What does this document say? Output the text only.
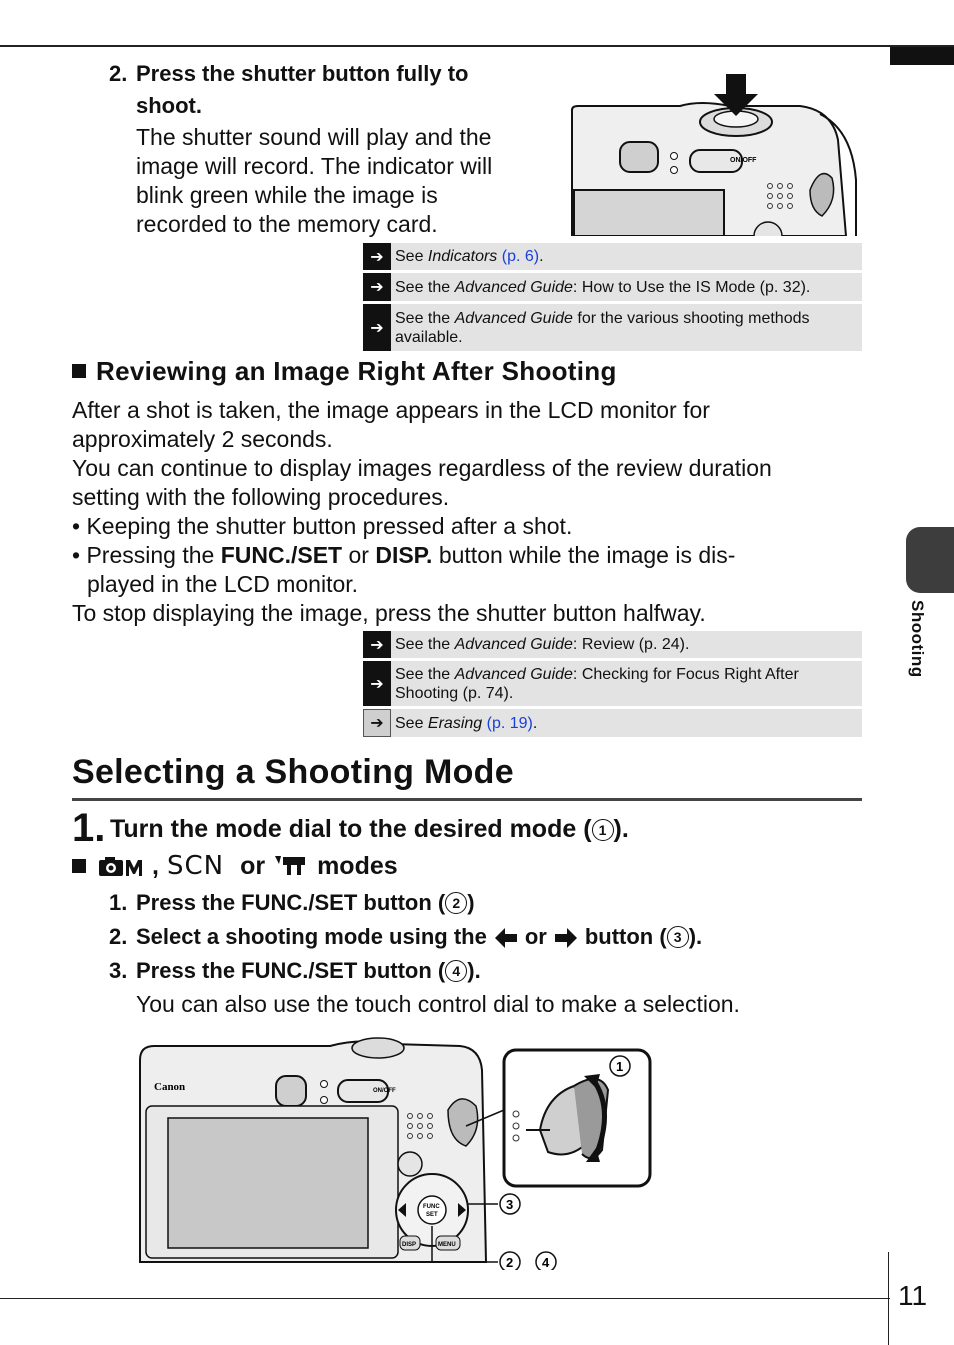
Shooting
11
2. Press the shutter button fully to
shoot.
The shutter sound will play and the
image will record. The indicator will
blink green while the image is
recorded to the memory card.
ON/OFF
➔ See Indicators (p. 6).
➔ See the Advanced Guide: How to Use the IS Mode (p. 32).
➔
See the Advanced Guide for the various shooting methods
available.
Reviewing an Image Right After Shooting
After a shot is taken, the image appears in the LCD monitor for
approximately 2 seconds.
You can continue to display images regardless of the review duration
setting with the following procedures.
• Keeping the shutter button pressed after a shot.
• Pressing the FUNC./SET or DISP. button while the image is dis-
played in the LCD monitor.
To stop displaying the image, press the shutter button halfway.
➔ See the Advanced Guide: Review (p. 24).
➔
See the Advanced Guide: Checking for Focus Right After
Shooting (p. 74).
➔ See Erasing (p. 19).
Selecting a Shooting Mode
1. Turn the mode dial to the desired mode ( 1 ).
, SCN or modes
1. Press the FUNC./SET button ( 2 )
2. Select a shooting mode using the or button ( 3 ).
3. Press the FUNC./SET button ( 4 ).
You can also use the touch control dial to make a selection.
Canon	ON/OFF
FUNC
SET
DISP	MENU
1
3
2 4
